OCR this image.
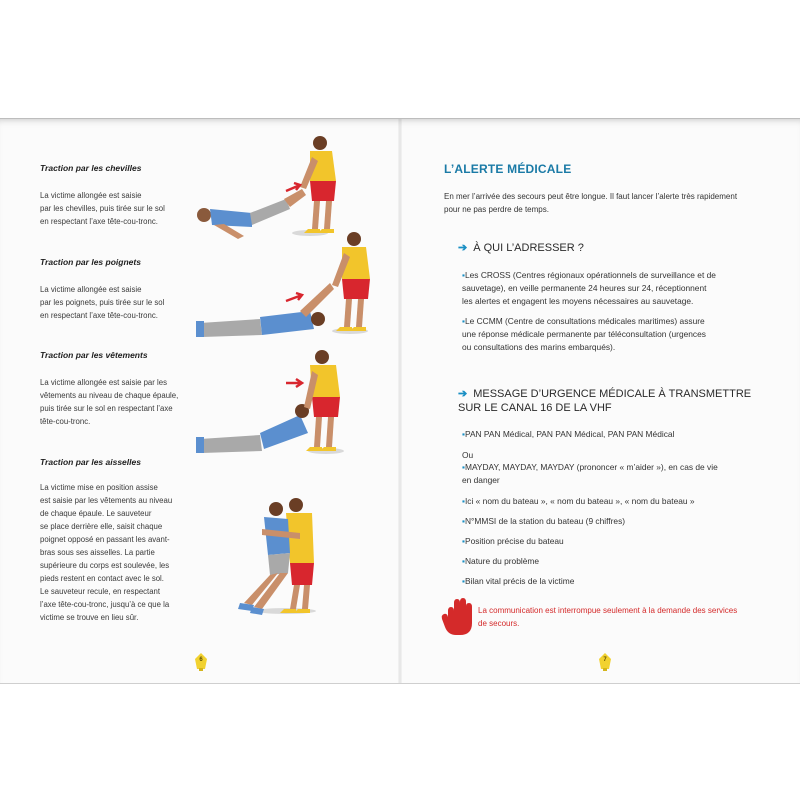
Traction par les chevilles
La victime allongée est saisie
par les chevilles, puis tirée sur le sol
en respectant l’axe tête-cou-tronc.
Traction par les poignets
La victime allongée est saisie
par les poignets, puis tirée sur le sol
en respectant l’axe tête-cou-tronc.
Traction par les vêtements
La victime allongée est saisie par les
vêtements au niveau de chaque épaule,
puis tirée sur le sol en respectant l’axe
tête-cou-tronc.
Traction par les aisselles
La victime mise en position assise
est saisie par les vêtements au niveau
de chaque épaule. Le sauveteur
se place derrière elle, saisit chaque
poignet opposé en passant les avant-
bras sous ses aisselles. La partie
supérieure du corps est soulevée, les
pieds restent en contact avec le sol.
Le sauveteur recule, en respectant
l’axe tête-cou-tronc, jusqu’à ce que la
victime se trouve en lieu sûr.
6
L’ALERTE MÉDICALE
En mer l’arrivée des secours peut être longue. Il faut lancer l’alerte très rapidement
pour ne pas perdre de temps.
➔ À QUI L’ADRESSER ?
▪Les CROSS (Centres régionaux opérationnels de surveillance et de
sauvetage), en veille permanente 24 heures sur 24, réceptionnent
les alertes et engagent les moyens nécessaires au sauvetage.
▪Le CCMM (Centre de consultations médicales maritimes) assure
une réponse médicale permanente par téléconsultation (urgences
ou consultations des marins embarqués).
➔ MESSAGE D’URGENCE MÉDICALE À TRANSMETTRE
SUR LE CANAL 16 DE LA VHF
▪PAN PAN Médical, PAN PAN Médical, PAN PAN Médical
Ou
▪MAYDAY, MAYDAY, MAYDAY (prononcer « m’aider »), en cas de vie
en danger
▪Ici « nom du bateau », « nom du bateau », « nom du bateau »
▪N°MMSI de la station du bateau (9 chiffres)
▪Position précise du bateau
▪Nature du problème
▪Bilan vital précis de la victime
La communication est interrompue seulement à la demande des services
de secours.
7
